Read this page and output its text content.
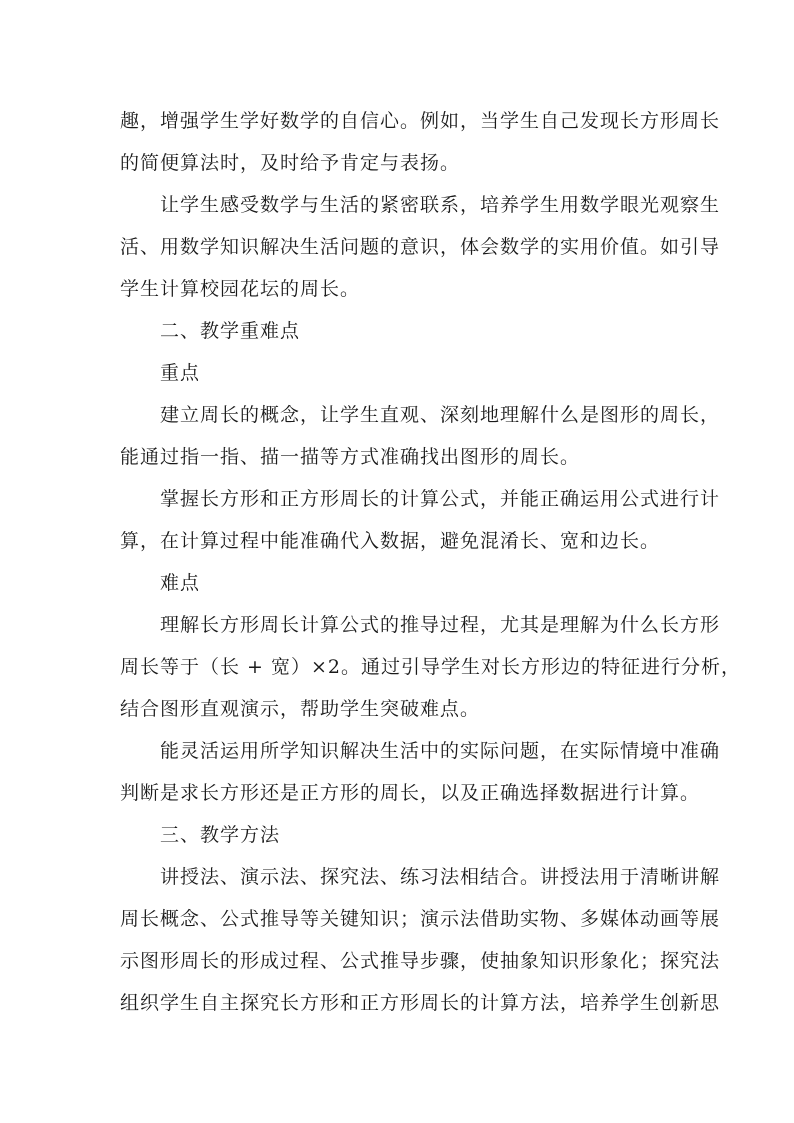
趣，增强学生学好数学的自信心。例如，当学生自己发现长方形周长
的简便算法时，及时给予肯定与表扬。

让学生感受数学与生活的紧密联系，培养学生用数学眼光观察生
活、用数学知识解决生活问题的意识，体会数学的实用价值。如引导
学生计算校园花坛的周长。

二、教学重难点

重点

建立周长的概念，让学生直观、深刻地理解什么是图形的周长，
能通过指一指、描一描等方式准确找出图形的周长。

掌握长方形和正方形周长的计算公式，并能正确运用公式进行计
算，在计算过程中能准确代入数据，避免混淆长、宽和边长。

难点

理解长方形周长计算公式的推导过程，尤其是理解为什么长方形
周长等于（长 + 宽）×2。通过引导学生对长方形边的特征进行分析，
结合图形直观演示，帮助学生突破难点。

能灵活运用所学知识解决生活中的实际问题，在实际情境中准确
判断是求长方形还是正方形的周长，以及正确选择数据进行计算。

三、教学方法

讲授法、演示法、探究法、练习法相结合。讲授法用于清晰讲解
周长概念、公式推导等关键知识；演示法借助实物、多媒体动画等展
示图形周长的形成过程、公式推导步骤，使抽象知识形象化；探究法
组织学生自主探究长方形和正方形周长的计算方法，培养学生创新思
